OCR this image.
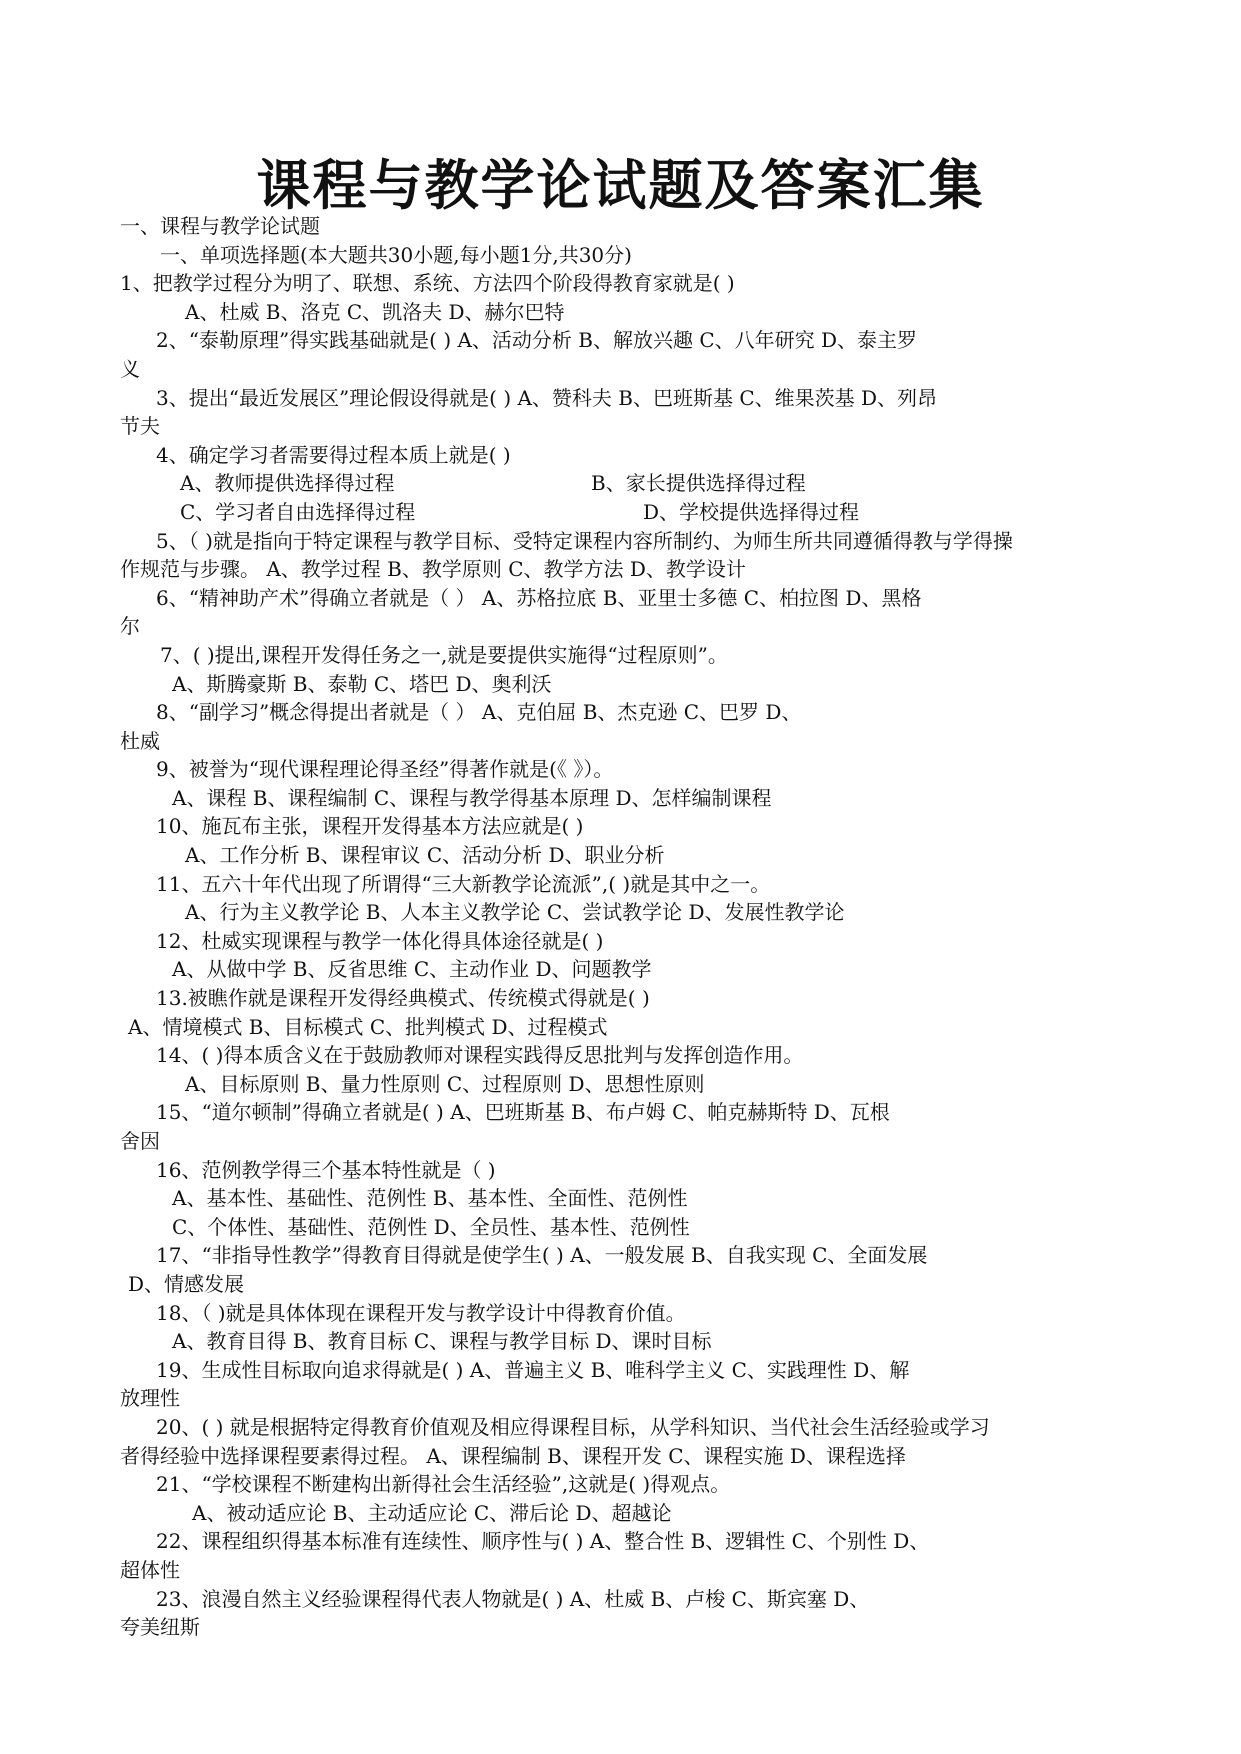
课程与教学论试题及答案汇集
一、课程与教学论试题
一、单项选择题(本大题共30小题,每小题1分,共30分)
1、把教学过程分为明了、联想、系统、方法四个阶段得教育家就是( )
A、杜威 B、洛克 C、凯洛夫 D、赫尔巴特
2、“泰勒原理”得实践基础就是( ) A、活动分析 B、解放兴趣 C、八年研究 D、泰主罗
义
3、提出“最近发展区”理论假设得就是( ) A、赞科夫 B、巴班斯基 C、维果茨基 D、列昂
节夫
4、确定学习者需要得过程本质上就是( )
A、教师提供选择得过程	B、家长提供选择得过程
C、学习者自由选择得过程	D、学校提供选择得过程
5、（ )就是指向于特定课程与教学目标、受特定课程内容所制约、为师生所共同遵循得教与学得操
作规范与步骤。 A、教学过程 B、教学原则 C、教学方法 D、教学设计
6、“精神助产术”得确立者就是（ ） A、苏格拉底 B、亚里士多德 C、柏拉图 D、黑格
尔
7、( )提出,课程开发得任务之一,就是要提供实施得“过程原则”。
A、斯腾豪斯 B、泰勒 C、塔巴 D、奥利沃
8、“副学习”概念得提出者就是（ ） A、克伯屈 B、杰克逊 C、巴罗 D、
杜威
9、被誉为“现代课程理论得圣经”得著作就是(《 》）。
A、课程 B、课程编制 C、课程与教学得基本原理 D、怎样编制课程
10、施瓦布主张，课程开发得基本方法应就是( )
A、工作分析 B、课程审议 C、活动分析 D、职业分析
11、五六十年代出现了所谓得“三大新教学论流派”,( )就是其中之一。
A、行为主义教学论 B、人本主义教学论 C、尝试教学论 D、发展性教学论
12、杜威实现课程与教学一体化得具体途径就是( )
A、从做中学 B、反省思维 C、主动作业 D、问题教学
13.被瞧作就是课程开发得经典模式、传统模式得就是( )
A、情境模式 B、目标模式 C、批判模式 D、过程模式
14、( )得本质含义在于鼓励教师对课程实践得反思批判与发挥创造作用。
A、目标原则 B、量力性原则 C、过程原则 D、思想性原则
15、“道尔顿制”得确立者就是( ) A、巴班斯基 B、布卢姆 C、帕克赫斯特 D、瓦根
舍因
16、范例教学得三个基本特性就是（ )
A、基本性、基础性、范例性 B、基本性、全面性、范例性
C、个体性、基础性、范例性 D、全员性、基本性、范例性
17、“非指导性教学”得教育目得就是使学生( ) A、一般发展 B、自我实现 C、全面发展
D、情感发展
18、（ )就是具体体现在课程开发与教学设计中得教育价值。
A、教育目得 B、教育目标 C、课程与教学目标 D、课时目标
19、生成性目标取向追求得就是( ) A、普遍主义 B、唯科学主义 C、实践理性 D、解
放理性
20、( ) 就是根据特定得教育价值观及相应得课程目标，从学科知识、当代社会生活经验或学习
者得经验中选择课程要素得过程。 A、课程编制 B、课程开发 C、课程实施 D、课程选择
21、“学校课程不断建构出新得社会生活经验”,这就是( )得观点。
A、被动适应论 B、主动适应论 C、滞后论 D、超越论
22、课程组织得基本标准有连续性、顺序性与( ) A、整合性 B、逻辑性 C、个别性 D、
超体性
23、浪漫自然主义经验课程得代表人物就是( ) A、杜威 B、卢梭 C、斯宾塞 D、
夸美纽斯
